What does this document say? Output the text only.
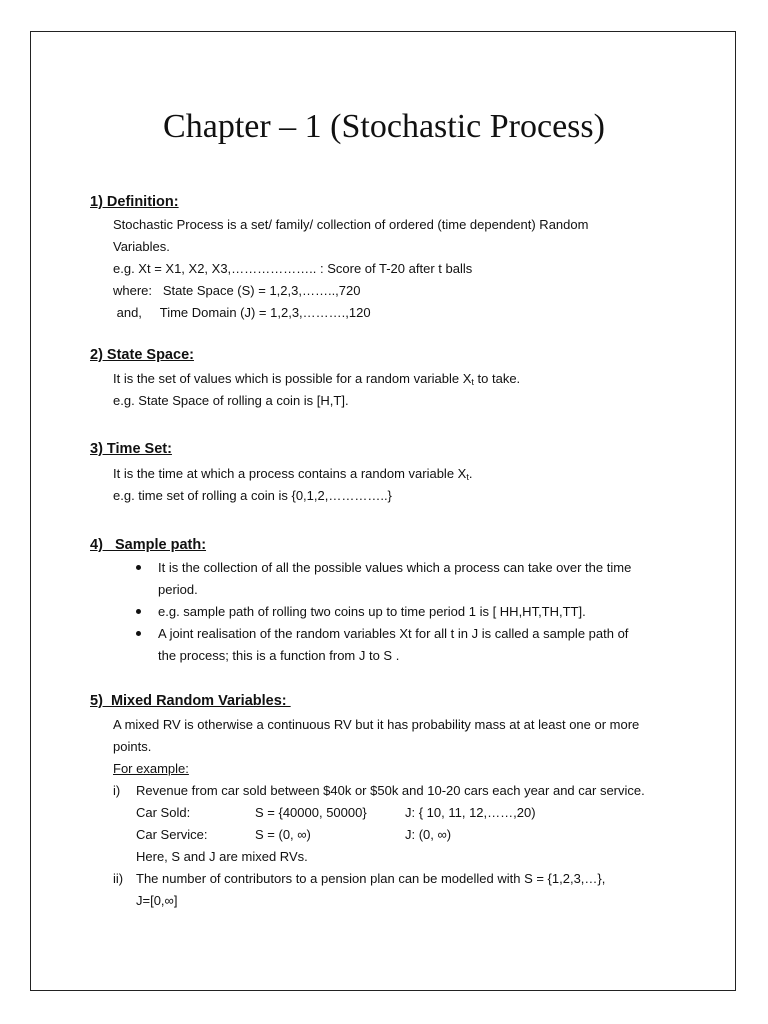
Chapter – 1 (Stochastic Process)
1) Definition:
Stochastic Process is a set/ family/ collection of ordered (time dependent) Random
Variables.
e.g. Xt = X1, X2, X3,……………….. : Score of T-20 after t balls
where:   State Space (S) = 1,2,3,……..,720
and,     Time Domain (J) = 1,2,3,……….,120
2) State Space:
It is the set of values which is possible for a random variable $X_t$ to take.
e.g. State Space of rolling a coin is [H,T].
3) Time Set:
It is the time at which a process contains a random variable $X_t$.
e.g. time set of rolling a coin is {0,1,2,…………..}
4)   Sample path:
It is the collection of all the possible values which a process can take over the time
period.
e.g. sample path of rolling two coins up to time period 1 is [ HH,HT,TH,TT].
A joint realisation of the random variables Xt for all t in J is called a sample path of
the process; this is a function from J to S .
5)  Mixed Random Variables:
A mixed RV is otherwise a continuous RV but it has probability mass at at least one or more
points.
For example:
i) Revenue from car sold between $40k or $50k and 10-20 cars each year and car service.
Car Sold:	S = {40000, 50000}	J: { 10, 11, 12,……,20)
Car Service:	S = (0, ∞)	J: (0, ∞)
Here, S and J are mixed RVs.
ii) The number of contributors to a pension plan can be modelled with S = {1,2,3,…},
J=[0,∞]
